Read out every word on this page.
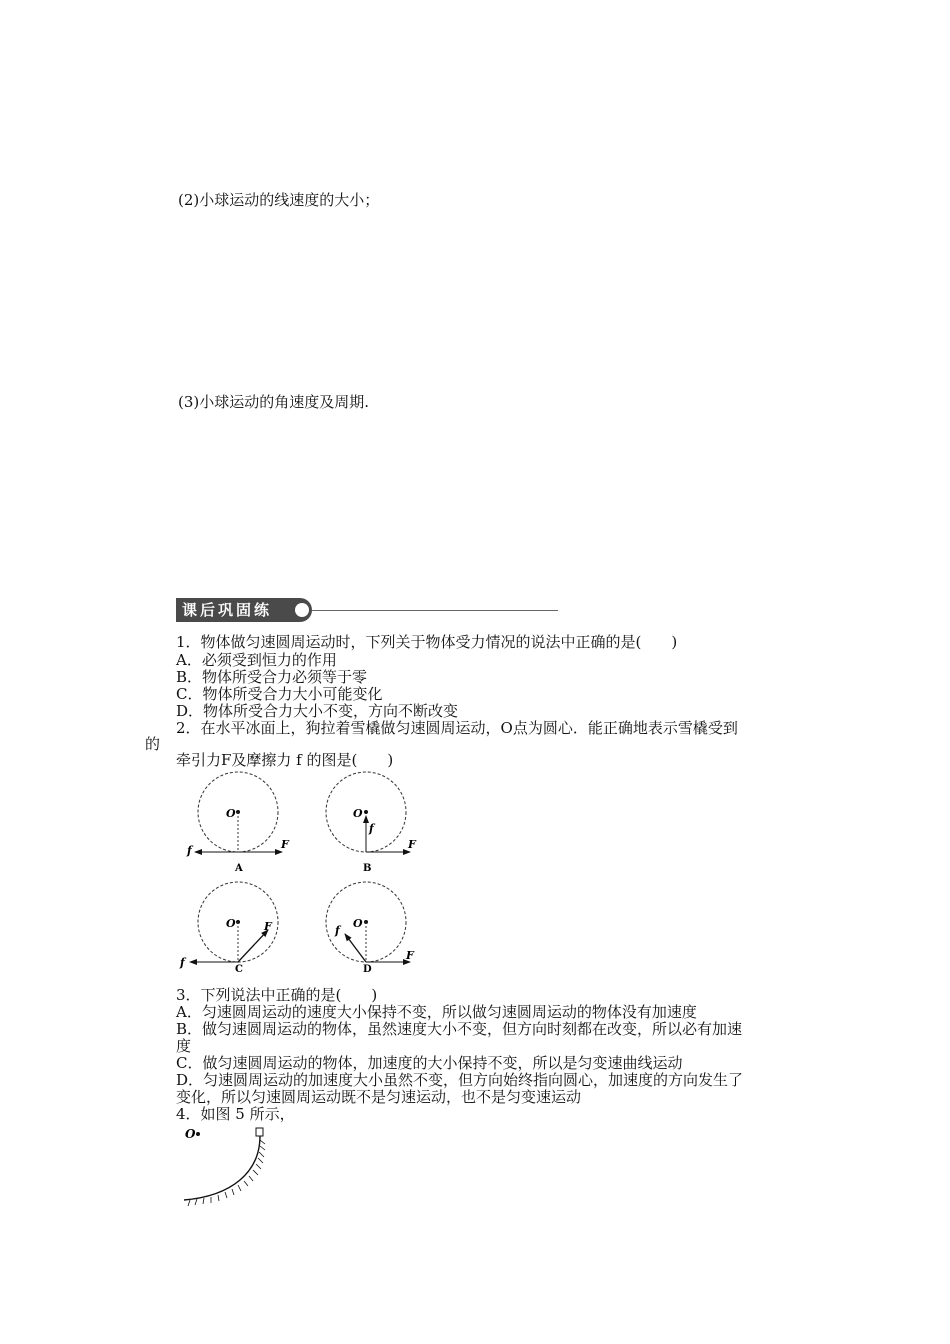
(2)小球运动的线速度的大小；
(3)小球运动的角速度及周期.
课后巩固练
1．物体做匀速圆周运动时，下列关于物体受力情况的说法中正确的是(　　)
A．必须受到恒力的作用
B．物体所受合力必须等于零
C．物体所受合力大小可能变化
D．物体所受合力大小不变，方向不断改变
2．在水平冰面上，狗拉着雪橇做匀速圆周运动，O点为圆心．能正确地表示雪橇受到
的
牵引力F及摩擦力 f 的图是(　　)
O
F
f
A
O
f
F
B
O	F
f
C
O
f
F
D
3．下列说法中正确的是(　　)
A．匀速圆周运动的速度大小保持不变，所以做匀速圆周运动的物体没有加速度
B．做匀速圆周运动的物体，虽然速度大小不变，但方向时刻都在改变，所以必有加速
度
C．做匀速圆周运动的物体，加速度的大小保持不变，所以是匀变速曲线运动
D．匀速圆周运动的加速度大小虽然不变，但方向始终指向圆心，加速度的方向发生了
变化，所以匀速圆周运动既不是匀速运动，也不是匀变速运动
4．如图 5 所示，
O
